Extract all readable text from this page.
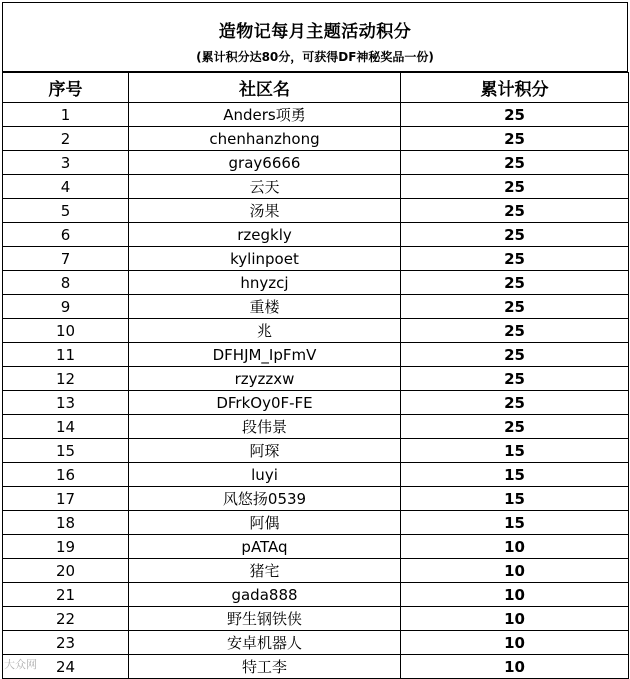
造物记每月主题活动积分
(累计积分达80分，可获得DF神秘奖品一份)
序号	社区名	累计积分
1	Anders项勇	25
2	chenhanzhong	25
3	gray6666	25
4	云天	25
5	汤果	25
6	rzegkly	25
7	kylinpoet	25
8	hnyzcj	25
9	重楼	25
10	兆	25
11	DFHJM_IpFmV	25
12	rzyzzxw	25
13	DFrkOy0F-FE	25
14	段伟景	25
15	阿琛	15
16	luyi	15
17	风悠扬0539	15
18	阿偶	15
19	pATAq	10
20	猪宅	10
21	gada888	10
22	野生钢铁侠	10
23	安卓机器人	10
24	特工李	10
大众网
